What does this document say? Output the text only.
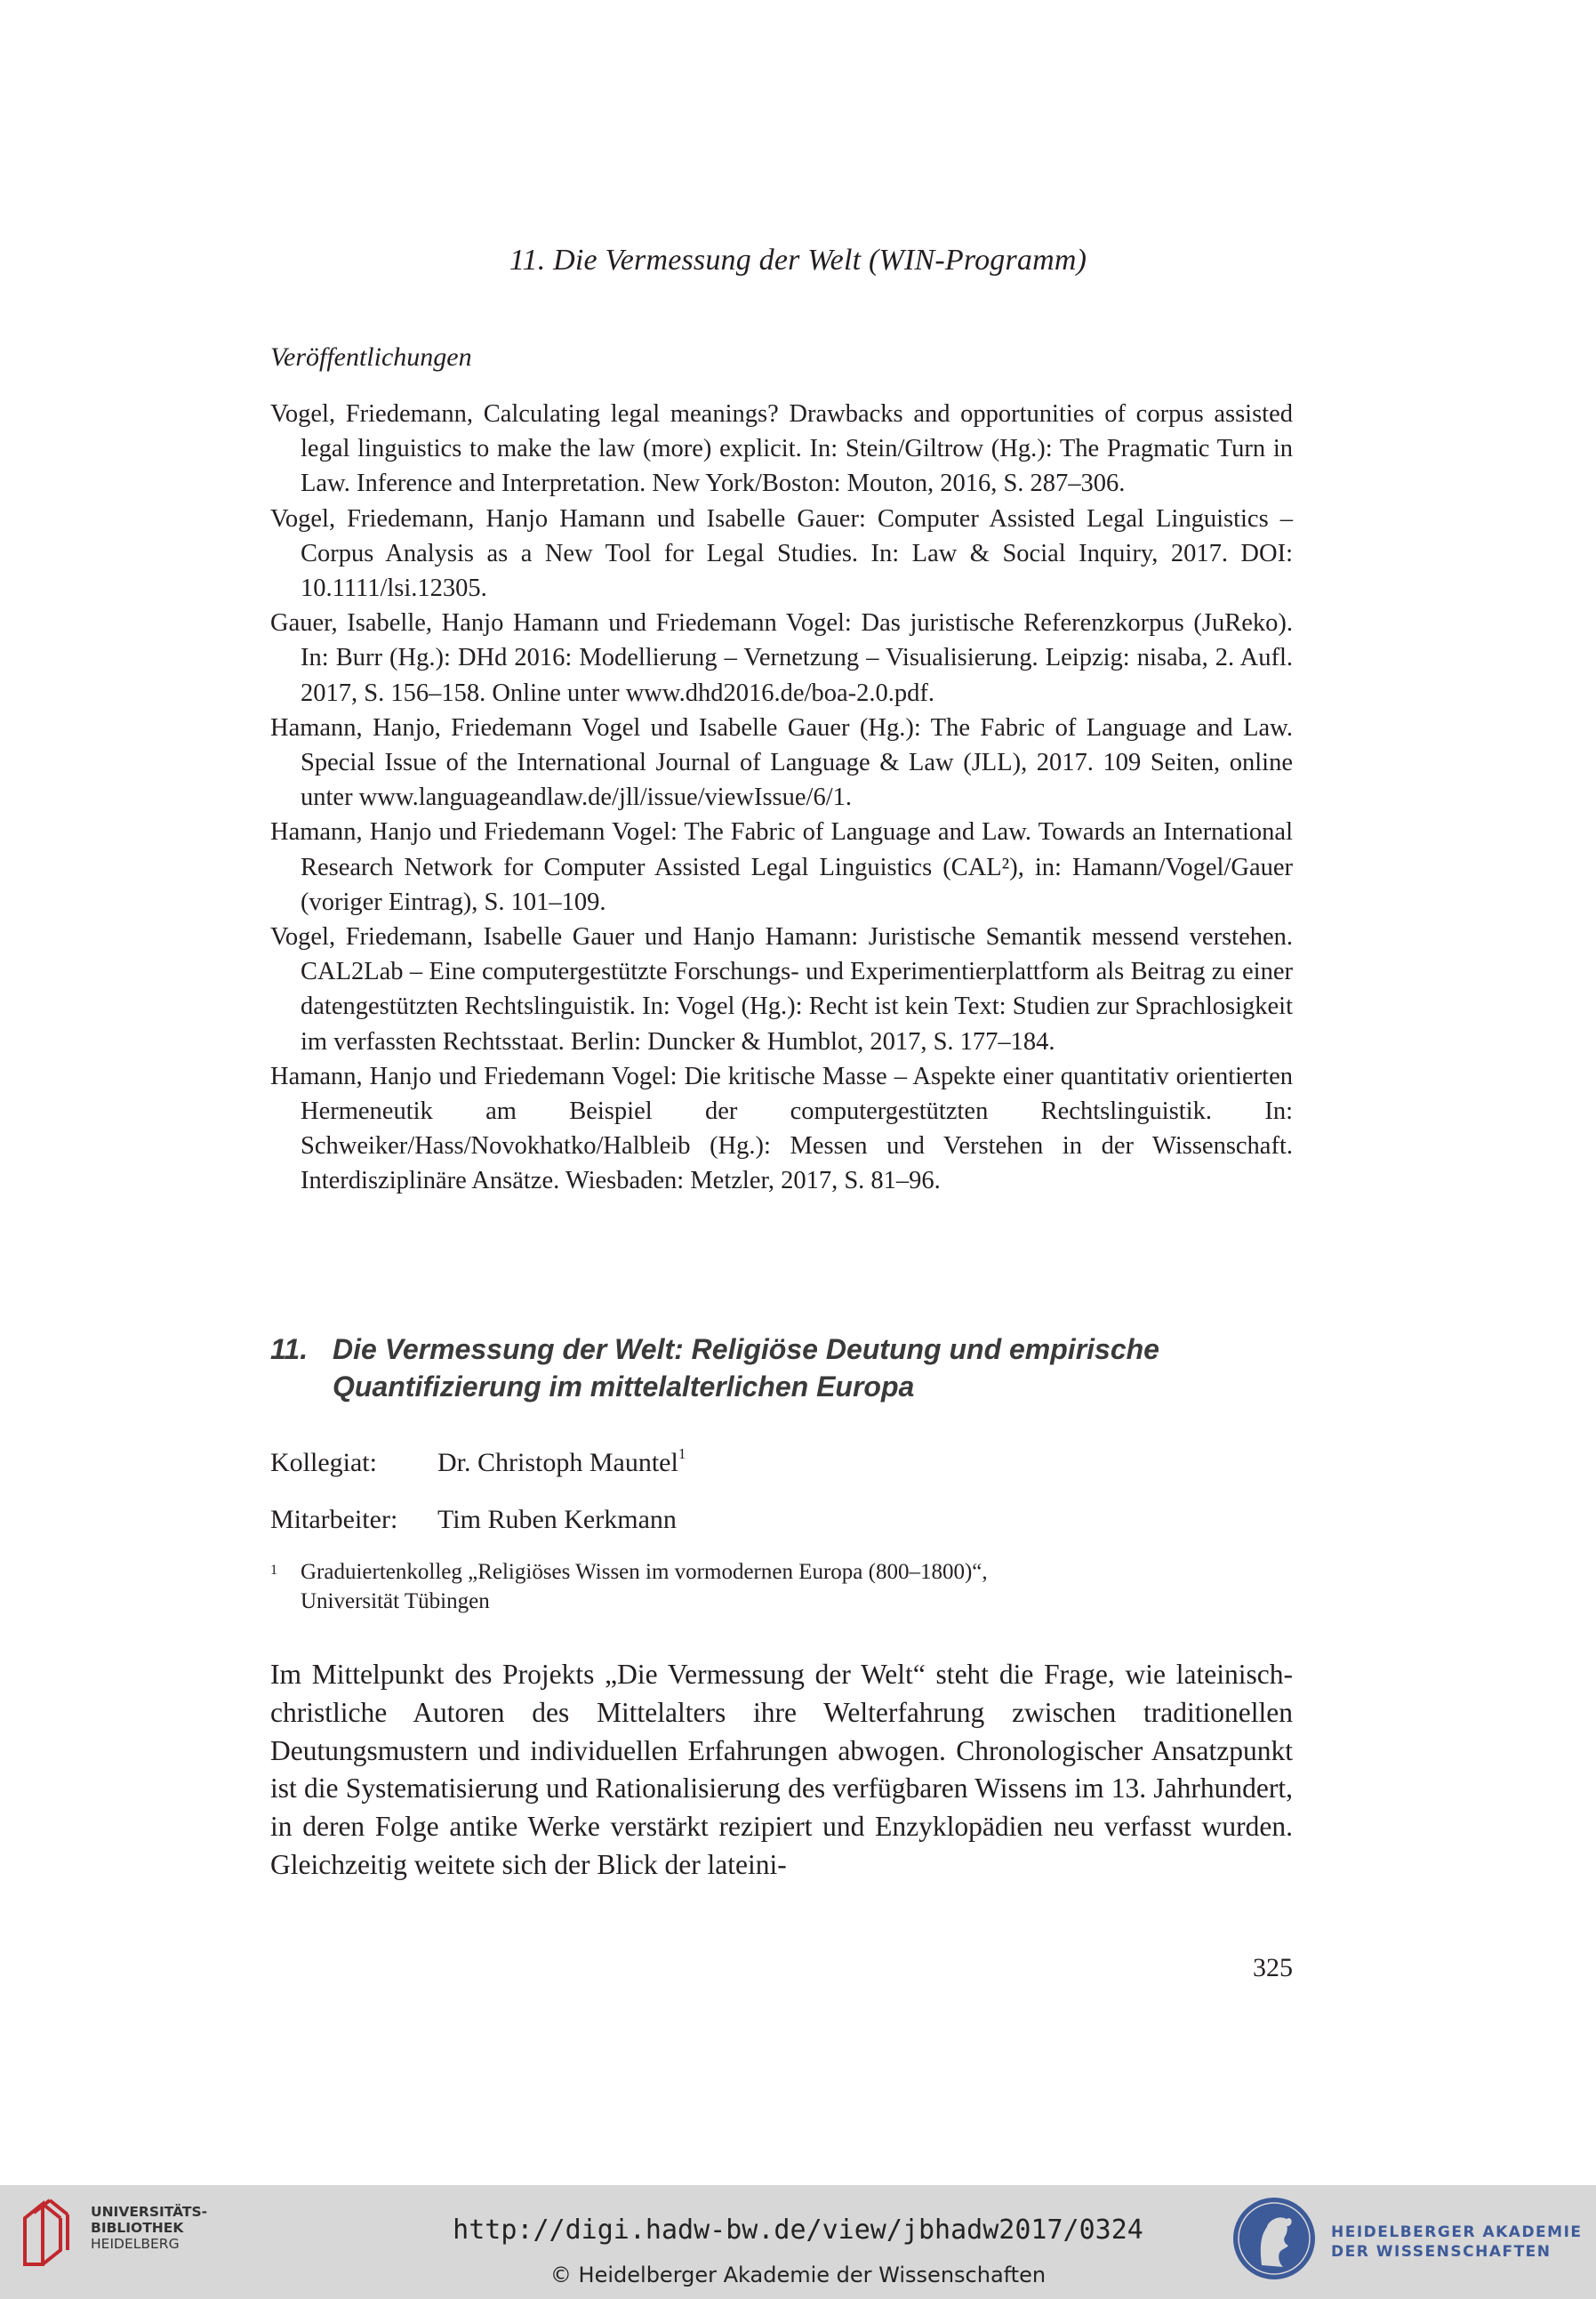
11. Die Vermessung der Welt (WIN-Programm)
Veröffentlichungen

Vogel, Friedemann, Calculating legal meanings? Drawbacks and opportunities of corpus assisted legal linguistics to make the law (more) explicit. In: Stein/Giltrow (Hg.): The Pragmatic Turn in Law. Inference and Interpretation. New York/Boston: Mouton, 2016, S. 287–306.

Vogel, Friedemann, Hanjo Hamann und Isabelle Gauer: Computer Assisted Legal Linguistics – Corpus Analysis as a New Tool for Legal Studies. In: Law & Social Inquiry, 2017. DOI: 10.1111/lsi.12305.

Gauer, Isabelle, Hanjo Hamann und Friedemann Vogel: Das juristische Referenzkorpus (JuReko). In: Burr (Hg.): DHd 2016: Modellierung – Vernetzung – Visualisierung. Leipzig: nisaba, 2. Aufl. 2017, S. 156–158. Online unter www.dhd2016.de/boa-2.0.pdf.

Hamann, Hanjo, Friedemann Vogel und Isabelle Gauer (Hg.): The Fabric of Language and Law. Special Issue of the International Journal of Language & Law (JLL), 2017. 109 Seiten, online unter www.languageandlaw.de/jll/issue/viewIssue/6/1.

Hamann, Hanjo und Friedemann Vogel: The Fabric of Language and Law. Towards an International Research Network for Computer Assisted Legal Linguistics (CAL²), in: Hamann/Vogel/Gauer (voriger Eintrag), S. 101–109.

Vogel, Friedemann, Isabelle Gauer und Hanjo Hamann: Juristische Semantik messend verstehen. CAL2Lab – Eine computergestützte Forschungs- und Experimentierplattform als Beitrag zu einer datengestützten Rechtslinguistik. In: Vogel (Hg.): Recht ist kein Text: Studien zur Sprachlosigkeit im verfassten Rechtsstaat. Berlin: Duncker & Humblot, 2017, S. 177–184.

Hamann, Hanjo und Friedemann Vogel: Die kritische Masse – Aspekte einer quantitativ orientierten Hermeneutik am Beispiel der computergestützten Rechtslinguistik. In: Schweiker/Hass/Novokhatko/Halbleib (Hg.): Messen und Verstehen in der Wissenschaft. Interdisziplinäre Ansätze. Wiesbaden: Metzler, 2017, S. 81–96.

11. Die Vermessung der Welt: Religiöse Deutung und empirische
Quantifizierung im mittelalterlichen Europa
Kollegiat: Dr. Christoph Mauntel$^1$
Mitarbeiter: Tim Ruben Kerkmann
1 Graduiertenkolleg „Religiöses Wissen im vormodernen Europa (800–1800)“,
Universität Tübingen
Im Mittelpunkt des Projekts „Die Vermessung der Welt“ steht die Frage, wie lateinisch-christliche Autoren des Mittelalters ihre Welterfahrung zwischen traditionellen Deutungsmustern und individuellen Erfahrungen abwogen. Chronologischer Ansatzpunkt ist die Systematisierung und Rationalisierung des verfügbaren Wissens im 13. Jahrhundert, in deren Folge antike Werke verstärkt rezipiert und Enzyklopädien neu verfasst wurden. Gleichzeitig weitete sich der Blick der lateini-
325
UNIVERSITÄTS-
BIBLIOTHEK
HEIDELBERG	http://digi.hadw-bw.de/view/jbhadw2017/0324
© Heidelberger Akademie der Wissenschaften
HEIDELBERGER AKADEMIE
DER WISSENSCHAFTEN
